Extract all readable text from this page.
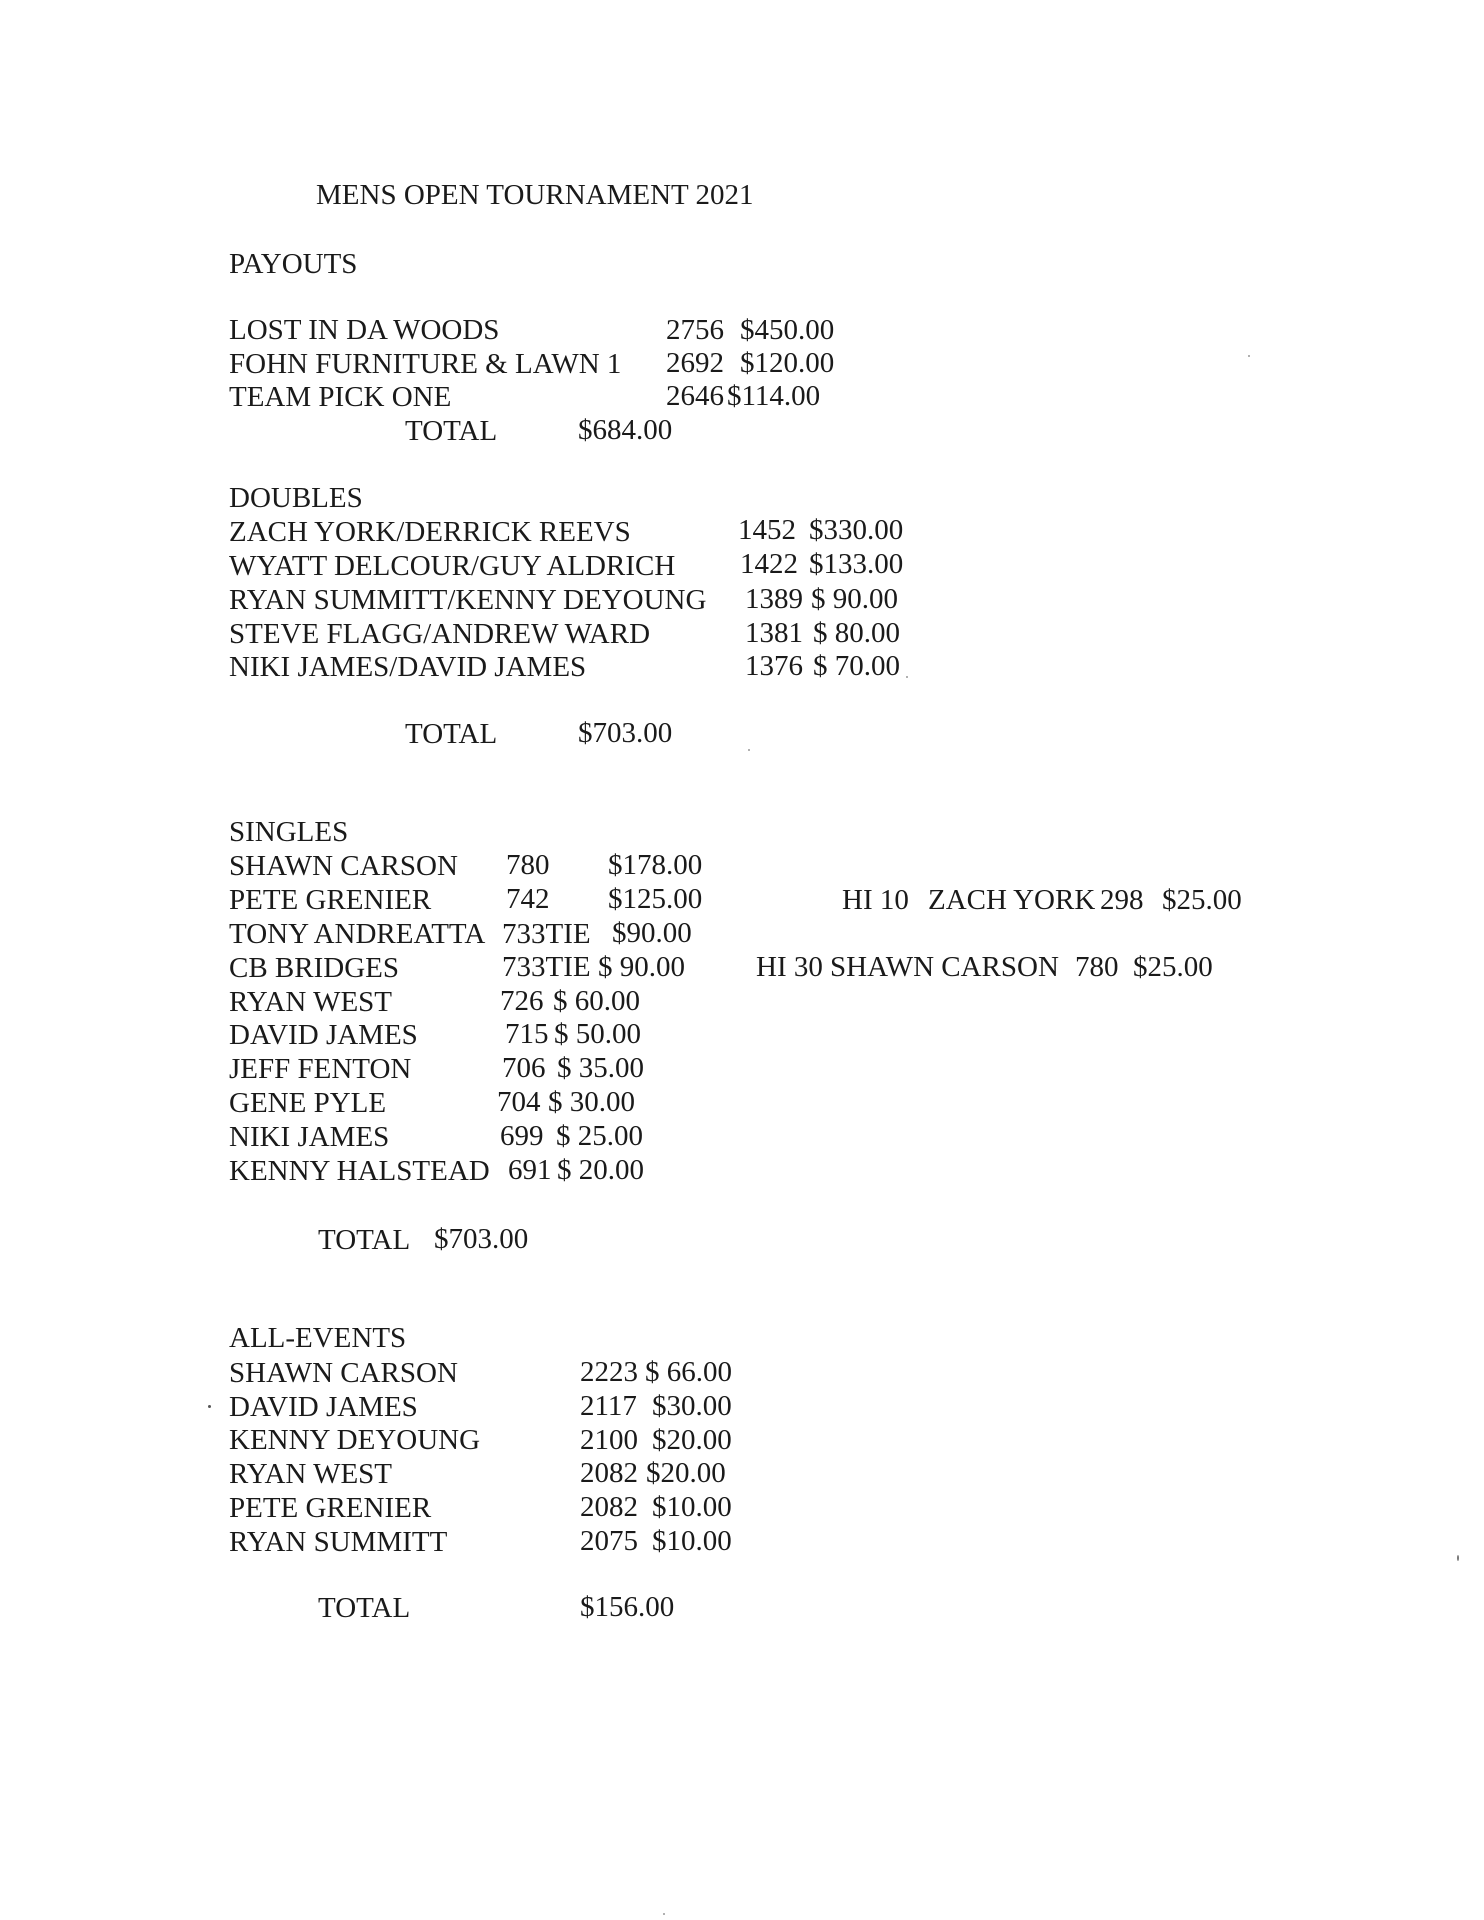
MENS OPEN TOURNAMENT 2021
PAYOUTS
LOST IN DA WOODS	2756 $450.00
FOHN FURNITURE & LAWN 1 2692 $120.00
TEAM PICK ONE	2646 $114.00
TOTAL	$684.00
DOUBLES
ZACH YORK/DERRICK REEVS	1452 $330.00
WYATT DELCOUR/GUY ALDRICH 1422 $133.00
RYAN SUMMITT/KENNY DEYOUNG 1389 $ 90.00
STEVE FLAGG/ANDREW WARD	1381 $ 80.00
NIKI JAMES/DAVID JAMES	1376 $ 70.00
TOTAL	$703.00
SINGLES
SHAWN CARSON 780 $178.00
PETE GRENIER	742 $125.00
TONY ANDREATTA 733TIE $90.00
CB BRIDGES	733TIE $ 90.00
RYAN WEST	726 $ 60.00
DAVID JAMES	715 $ 50.00
JEFF FENTON	706 $ 35.00
GENE PYLE	704 $ 30.00
NIKI JAMES	699 $ 25.00
KENNY HALSTEAD 691 $ 20.00
TOTAL $703.00
HI 10 ZACH YORK 298 $25.00
HI 30 SHAWN CARSON 780 $25.00
ALL-EVENTS
SHAWN CARSON	2223 $ 66.00
DAVID JAMES	2117 $30.00
KENNY DEYOUNG	2100 $20.00
RYAN WEST	2082 $20.00
PETE GRENIER	2082 $10.00
RYAN SUMMITT	2075 $10.00
TOTAL	$156.00
